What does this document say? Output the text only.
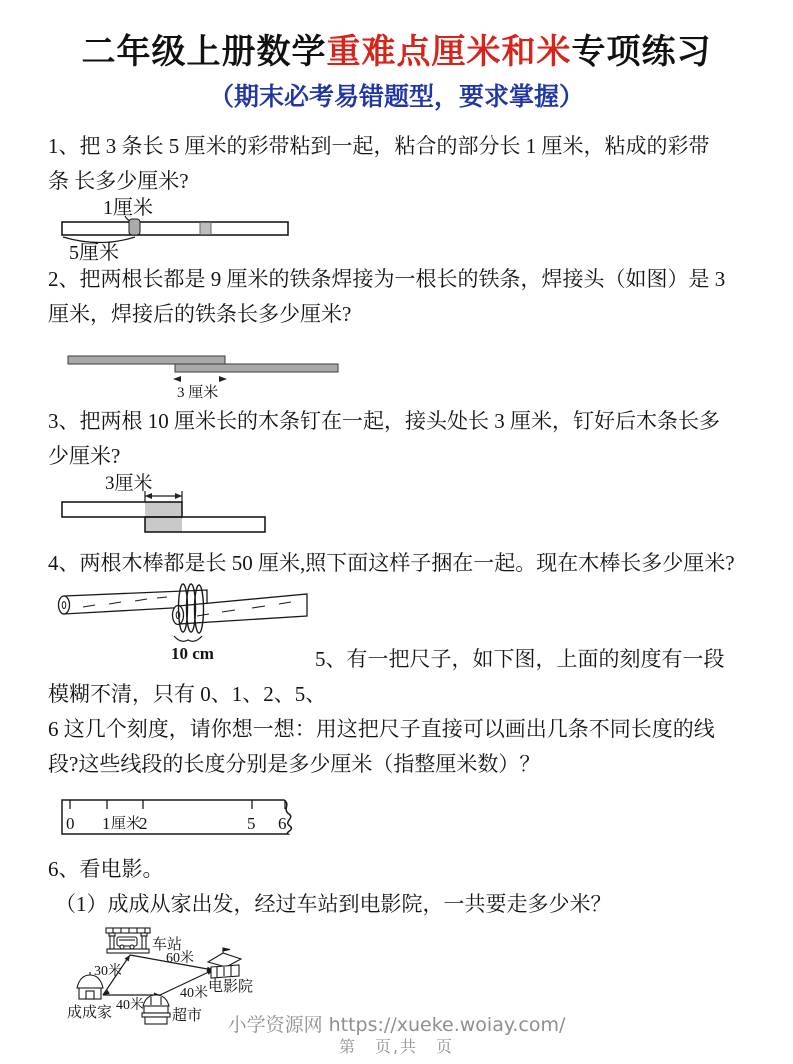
二年级上册数学重难点厘米和米专项练习
（期末必考易错题型，要求掌握）
1、把 3 条长 5 厘米的彩带粘到一起，粘合的部分长 1 厘米，粘成的彩带
条 长多少厘米?
1厘米
5厘米
2、把两根长都是 9 厘米的铁条焊接为一根长的铁条，焊接头（如图）是 3
厘米，焊接后的铁条长多少厘米?
3 厘米
3、把两根 10 厘米长的木条钉在一起，接头处长 3 厘米，钉好后木条长多
少厘米?
3厘米
4、两根木棒都是长 50 厘米,照下面这样子捆在一起。现在木棒长多少厘米?
10 cm	5、有一把尺子，如下图，上面的刻度有一段
模糊不清，只有 0、1、2、5、
6 这几个刻度，请你想一想：用这把尺子直接可以画出几条不同长度的线
段?这些线段的长度分别是多少厘米（指整厘米数）？
0 1 厘米
2	5 6
6、看电影。
（1）成成从家出发，经过车站到电影院，一共要走多少米？
车站
电影院
成成家	超市
30米
60米
40米
40米
小学资源网 https://xueke.woiay.com/
第　页,共　页
